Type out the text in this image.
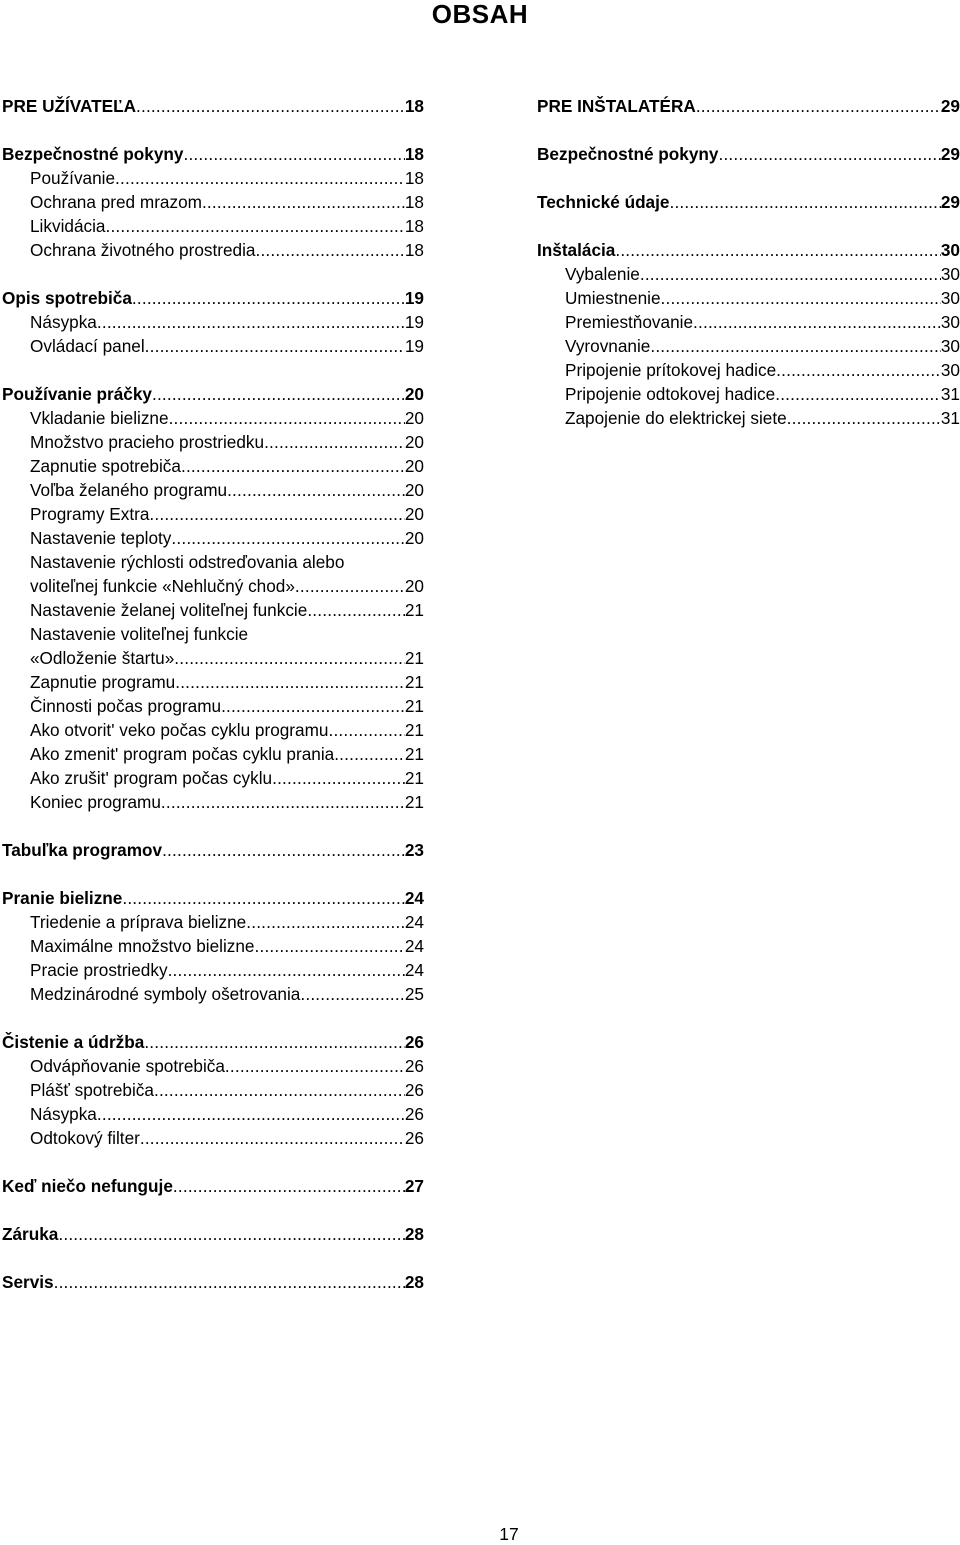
OBSAH
PRE UŽÍVATEĽA .....	18
Bezpečnostné pokyny .....	18
Používanie .....	18
Ochrana pred mrazom .....	18
Likvidácia .....	18
Ochrana životného prostredia .....	18
Opis spotrebiča .....	19
Násypka .....	19
Ovládací panel .....	19
Používanie práčky .....	20
Vkladanie bielizne .....	20
Množstvo pracieho prostriedku .....	20
Zapnutie spotrebiča .....	20
Voľba želaného programu .....	20
Programy Extra .....	20
Nastavenie teploty .....	20
Nastavenie rýchlosti odstreďovania alebo
voliteľnej funkcie «Nehlučný chod» .....	20
Nastavenie želanej voliteľnej funkcie .....	21
Nastavenie voliteľnej funkcie
«Odloženie štartu» .....	21
Zapnutie programu .....	21
Činnosti počas programu .....	21
Ako otvorit' veko počas cyklu programu .....	21
Ako zmenit' program počas cyklu prania .....	21
Ako zrušit' program počas cyklu .....	21
Koniec programu .....	21
Tabuľka programov .....	23
Pranie bielizne .....	24
Triedenie a príprava bielizne .....	24
Maximálne množstvo bielizne .....	24
Pracie prostriedky .....	24
Medzinárodné symboly ošetrovania .....	25
Čistenie a údržba .....	26
Odvápňovanie spotrebiča .....	26
Plášť spotrebiča .....	26
Násypka .....	26
Odtokový filter .....	26
Keď niečo nefunguje .....	27
Záruka .....	28
Servis .....	28
PRE INŠTALATÉRA .....	29
Bezpečnostné pokyny .....	29
Technické údaje .....	29
Inštalácia .....	30
Vybalenie .....	30
Umiestnenie .....	30
Premiestňovanie .....	30
Vyrovnanie .....	30
Pripojenie prítokovej hadice .....	30
Pripojenie odtokovej hadice .....	31
Zapojenie do elektrickej siete .....	31
17
